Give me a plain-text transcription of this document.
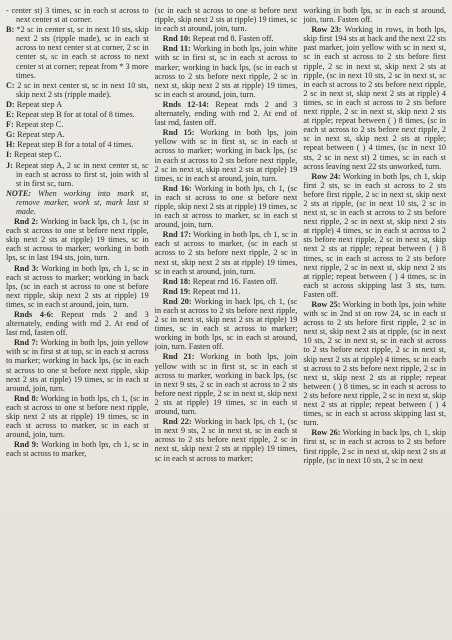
- center st) 3 times, sc in each st across to next center st at corner.

B: *2 sc in center st, sc in next 10 sts, skip next 2 sts (ripple made), sc in each st across to next center st at corner, 2 sc in center st, sc in each st across to next center st at corner; repeat from * 3 more times.

C: 2 sc in next center st, sc in next 10 sts, skip next 2 sts (ripple made).

D: Repeat step A

E: Repeat step B for at total of 8 times.

F: Repeat step C.

G: Repeat step A.

H: Repeat step B for a total of 4 times.

I: Repeat step C.

J: Repeat step A, 2 sc in next center st, sc in each st across to first st, join with sl st in first sc, turn.

NOTE: When working into mark st, remove marker, work st, mark last st made.

Rnd 2: Working in back lps, ch 1, (sc in each st across to one st before next ripple, skip next 2 sts at ripple) 19 times, sc in each st across to marker; working in both lps, sc in last 194 sts, join, turn.

Rnd 3: Working in both lps, ch 1, sc in each st across to marker; working in back lps, (sc in each st across to one st before next ripple, skip next 2 sts at ripple) 19 times, sc in each st around, join, turn.

Rnds 4-6: Repeat rnds 2 and 3 alternately, ending with rnd 2. At end of last rnd, fasten off.

Rnd 7: Working in both lps, join yellow with sc in first st at top, sc in each st across to marker; working in back lps, (sc in each st across to one st before next ripple, skip next 2 sts at ripple) 19 times, sc in each st around, join, turn.

Rnd 8: Working in both lps, ch 1, (sc in each st across to one st before next ripple, skip next 2 sts at ripple) 19 times, sc in each st across to marker, sc in each st around, join, turn.

Rnd 9: Working in both lps, ch 1, sc in each st across to marker,

(sc in each st across to one st before next ripple, skip next 2 sts at ripple) 19 times, sc in each st around, join, turn.

Rnd 10: Repeat rnd 8. Fasten off.

Rnd 11: Working in both lps, join white with sc in first st, sc in each st across to marker; working in back lps, (sc in each st across to 2 sts before next ripple, 2 sc in next st, skip next 2 sts at ripple) 19 times, sc in each st around, join, turn.

Rnds 12-14: Repeat rnds 2 and 3 alternately, ending with rnd 2. At end of last rnd, fasten off.

Rnd 15: Working in both lps, join yellow with sc in first st, sc in each st across to marker; working in back lps, (sc in each st across to 2 sts before next ripple, 2 sc in next st, skip next 2 sts at ripple) 19 times, sc in each st around, join, turn.

Rnd 16: Working in both lps, ch 1, (sc in each st across to one st before next ripple, skip next 2 sts at ripple) 19 times, sc in each st across to marker, sc in each st around, join, turn.

Rnd 17: Working in both lps, ch 1, sc in each st across to marker, (sc in each st across to 2 sts before next ripple, 2 sc in next st, skip next 2 sts at ripple) 19 times, sc in each st around, join, turn.

Rnd 18: Repeat rnd 16. Fasten off.

Rnd 19: Repeat rnd 11.

Rnd 20: Working in back lps, ch 1, (sc in each st across to 2 sts before next ripple, 2 sc in next st, skip next 2 sts at ripple) 19 times, sc in each st across to marker; working in both lps, sc in each st around, join, turn. Fasten off.

Rnd 21: Working in both lps, join yellow with sc in first st, sc in each st across to marker, working in back lps, (sc in next 9 sts, 2 sc in each st across to 2 sts before next ripple, 2 sc in next st, skip next 2 sts at ripple) 19 times, sc in each st around, turn.

Rnd 22: Working in back lps, ch 1, (sc in next 9 sts, 2 sc in next st, sc in each st across to 2 sts before next ripple, 2 sc in next st, skip next 2 sts at ripple) 19 times, sc in each st across to marker;

working in both lps, sc in each st around, join, turn. Fasten off.

Row 23: Working in rows, in both lps, skip first 194 sts at back and the next 22 sts past marker, join yellow with sc in next st, sc in each st across to 2 sts before first ripple, 2 sc in next st, skip next 2 sts at ripple, (sc in next 10 sts, 2 sc in next st, sc in each st across to 2 sts before next ripple, 2 sc in next st, skip next 2 sts at ripple) 4 times, sc in each st across to 2 sts before next ripple, 2 sc in next st, skip next 2 sts at ripple; repeat between ( ) 8 times, (sc in each st across to 2 sts before next ripple, 2 sc in next st, skip next 2 sts at ripple; repeat between ( ) 4 times, (sc in next 10 sts, 2 sc in next st) 2 times, sc in each st across leaving next 22 sts unworked, turn.

Row 24: Working in both lps, ch 1, skip first 2 sts, sc in each st across to 2 sts before first ripple, 2 sc in next st, skip next 2 sts at ripple, (sc in next 10 sts, 2 sc in next st, sc in each st across to 2 sts before next ripple, 2 sc in next st, skip next 2 sts at ripple) 4 times, sc in each st across to 2 sts before next ripple, 2 sc in next st, skip next 2 sts at ripple; repeat between ( ) 8 times, sc in each st across to 2 sts before next ripple, 2 sc in next st, skip next 2 sts at ripple; repeat between ( ) 4 times, sc in each st across skipping last 3 sts, turn. Fasten off.

Row 25: Working in both lps, join white with sc in 2nd st on row 24, sc in each st across to 2 sts before first ripple, 2 sc in next st, skip next 2 sts at ripple, (sc in next 10 sts, 2 sc in next st, sc in each st across to 2 sts before next ripple, 2 sc in next st, skip next 2 sts at ripple) 4 times, sc in each st across to 2 sts before next ripple, 2 sc in next st, skip next 2 sts at ripple; repeat between ( ) 8 times, sc in each st across to 2 sts before next ripple, 2 sc in next st, skip next 2 sts at ripple; repeat between ( ) 4 times, sc in each st across skipping last st, turn.

Row 26: Working in back lps, ch 1, skip first st, sc in each st across to 2 sts before first ripple, 2 sc in next st, skip next 2 sts at ripple, (sc in next 10 sts, 2 sc in next
